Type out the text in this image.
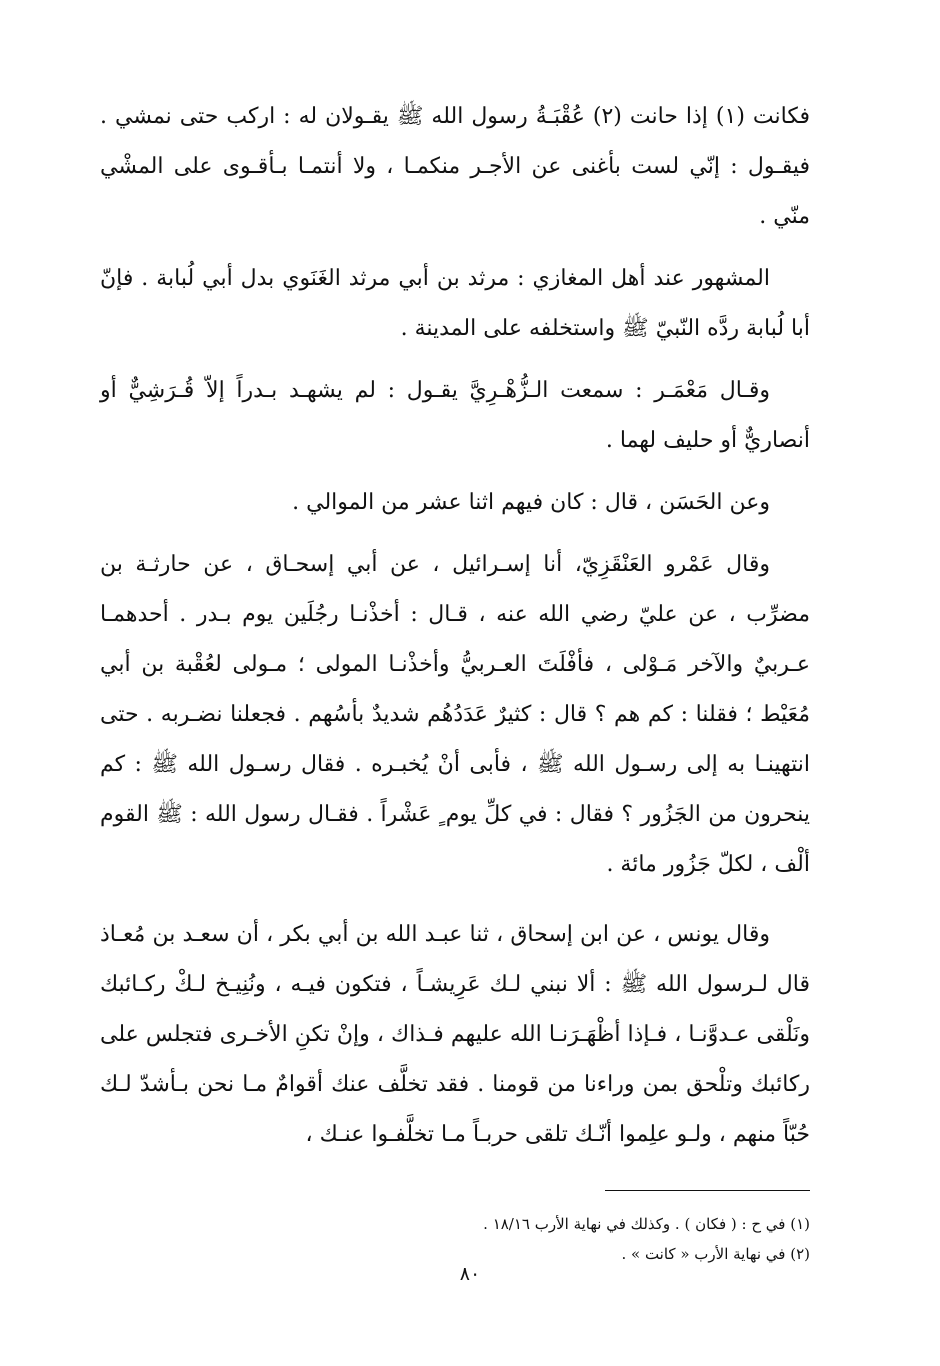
فكانت (١) إذا حانت (٢) عُقْبَـةُ رسول الله ﷺ يقـولان له : اركب حتى نمشي . فيقـول : إنّي لست بأغنى عن الأجـر منكمـا ، ولا أنتمـا بـأقـوى على المشْي منّي .

المشهور عند أهل المغازي : مرثد بن أبي مرثد الغَنَوي بدل أبي لُبابة . فإنّ أبا لُبابة ردَّه النّبيّ ﷺ واستخلفه على المدينة .

وقـال مَعْمَـر : سمعت الـزُّهْـرِيَّ يقـول : لم يشهـد بـدراً إلاّ قُـرَشِيٌّ أو أنصاريٌّ أو حليف لهما .

وعن الحَسَن ، قال : كان فيهم اثنا عشر من الموالي .

وقال عَمْرو العَنْقَزِيّ، أنا إسـرائيل ، عن أبي إسحـاق ، عن حارثـة بن مضرِّب ، عن عليّ رضي الله عنه ، قـال : أخذْنـا رجُلَين يوم بـدر . أحدهمـا عـربيٌ والآخر مَـوْلى ، فأفْلَتَ العـربيُّ وأخذْنـا المولى ؛ مـولى لعُقْبة بن أبي مُعَيْط ؛ فقلنا : كم هم ؟ قال : كثيرٌ عَدَدُهُم شديدٌ بأسُهم . فجعلنا نضـربه . حتى انتهينـا به إلى رسـول الله ﷺ ، فأبى أنْ يُخبـره . فقال رسـول الله ﷺ : كم ينحرون من الجَزُور ؟ فقال : في كلِّ يوم ٍ عَشْراً . فقـال رسول الله : ﷺ القوم ألْف ، لكلّ جَزُور مائة .

وقال يونس ، عن ابن إسحاق ، ثنا عبـد الله بن أبي بكر ، أن سعـد بن مُعـاذ قال لـرسول الله ﷺ : ألا نبني لـك عَرِيشـاً ، فتكون فيـه ، ونُنِيـخ لـكْ ركـائبك ونَلْقى عـدوَّنـا ، فـإذا أظْهَـرَنـا الله عليهم فـذاك ، وإنْ تكنِ الأخـرى فتجلس على ركائبك وتلْحق بمن وراءنا من قومنا . فقد تخلَّف عنك أقوامٌ مـا نحن بـأشدّ لـك حُبّاً منهم ، ولـو علِموا أنّـك تلقى حربـاً مـا تخلَّفـوا عنـك ،

(١) في ح : ( فكان ) . وكذلك في نهاية الأرب ١٨/١٦ .

(٢) في نهاية الأرب « كانت » .

٨٠
